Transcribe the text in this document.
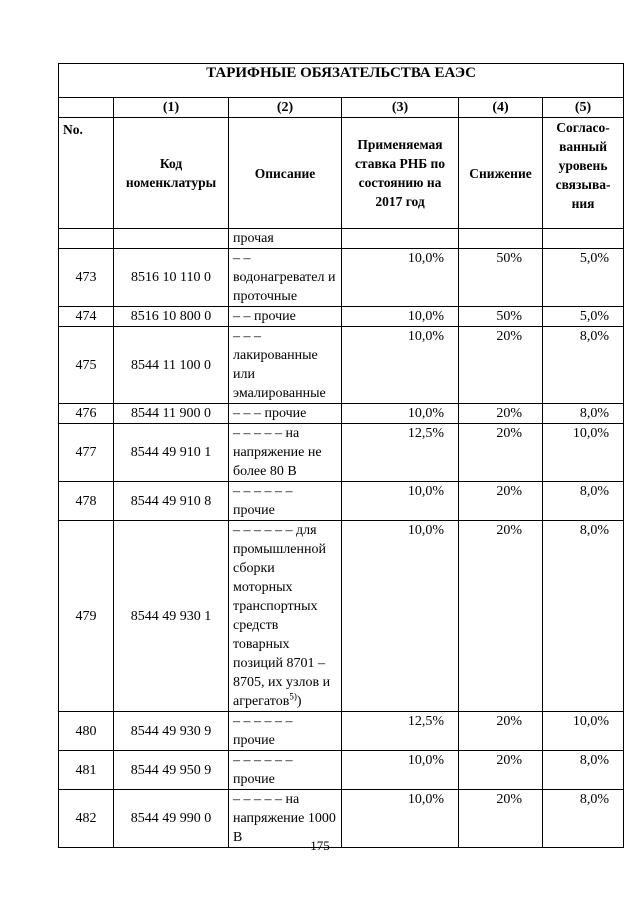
ТАРИФНЫЕ ОБЯЗАТЕЛЬСТВА ЕАЭС					
	(1)	(2)	(3)	(4)	(5)
No.	Код номенклатуры	Описание	Применяемая ставка РНБ по состоянию на 2017 год	Снижение	Согласо-ванный уровень связыва-ния
		прочая			
473	8516 10 110 0	– – водонагревател и проточные	10,0%	50%	5,0%
474	8516 10 800 0	– – прочие	10,0%	50%	5,0%
475	8544 11 100 0	– – – лакированные или эмалированные	10,0%	20%	8,0%
476	8544 11 900 0	– – – прочие	10,0%	20%	8,0%
477	8544 49 910 1	– – – – – на напряжение не более 80 В	12,5%	20%	10,0%
478	8544 49 910 8	– – – – – – прочие	10,0%	20%	8,0%
479	8544 49 930 1	– – – – – – для промышленной сборки моторных транспортных средств товарных позиций 8701 – 8705, их узлов и агрегатов$^{5)}$)	10,0%	20%	8,0%
480	8544 49 930 9	– – – – – – прочие	12,5%	20%	10,0%
481	8544 49 950 9	– – – – – – прочие	10,0%	20%	8,0%
482	8544 49 990 0	– – – – – на напряжение 1000 В	10,0%	20%	8,0%
175
